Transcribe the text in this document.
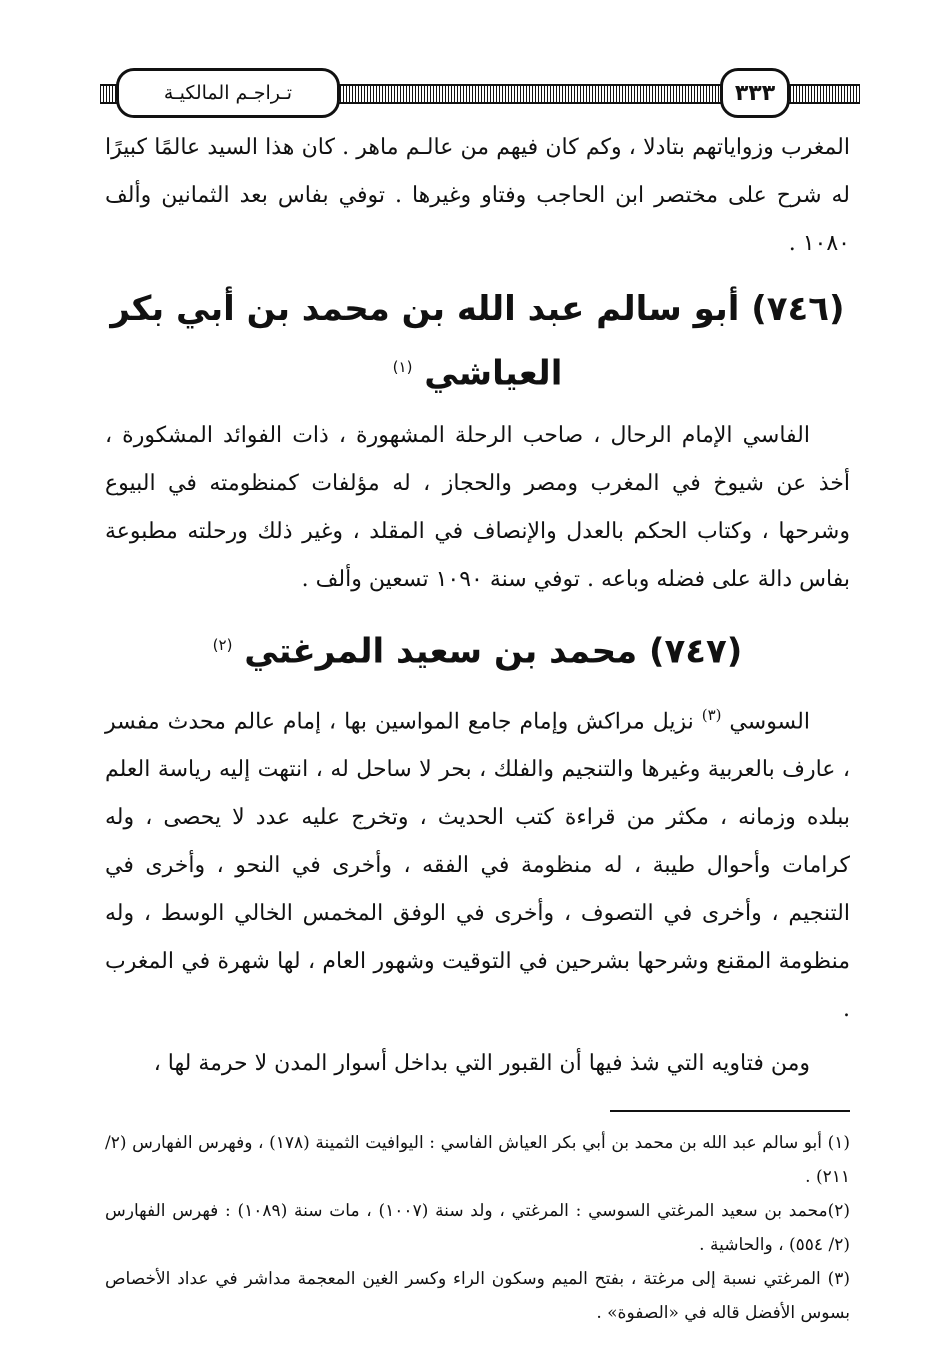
تـراجـم المالكيـة	٣٣٣

المغرب وزواياتهم بتادلا ، وكم كان فيهم من عالـم ماهر . كان هذا السيد عالمًا كبيرًا له شرح على مختصر ابن الحاجب وفتاو وغيرها . توفي بفاس بعد الثمانين وألف ١٠٨٠ .

(٧٤٦) أبو سالم عبد الله بن محمد بن أبي بكر العياشي $^{(١)}$

الفاسي الإمام الرحال ، صاحب الرحلة المشهورة ، ذات الفوائد المشكورة ، أخذ عن شيوخ في المغرب ومصر والحجاز ، له مؤلفات كمنظومته في البيوع وشرحها ، وكتاب الحكم بالعدل والإنصاف في المقلد ، وغير ذلك ورحلته مطبوعة بفاس دالة على فضله وباعه . توفي سنة ١٠٩٠ تسعين وألف .

(٧٤٧) محمد بن سعيد المرغتي $^{(٢)}$

السوسي $^{(٣)}$ نزيل مراكش وإمام جامع المواسين بها ، إمام عالم محدث مفسر ، عارف بالعربية وغيرها والتنجيم والفلك ، بحر لا ساحل له ، انتهت إليه رياسة العلم ببلده وزمانه ، مكثر من قراءة كتب الحديث ، وتخرج عليه عدد لا يحصى ، وله كرامات وأحوال طيبة ، له منظومة في الفقه ، وأخرى في النحو ، وأخرى في التنجيم ، وأخرى في التصوف ، وأخرى في الوفق المخمس الخالي الوسط ، وله منظومة المقنع وشرحها بشرحين في التوقيت وشهور العام ، لها شهرة في المغرب .

ومن فتاويه التي شذ فيها أن القبور التي بداخل أسوار المدن لا حرمة لها ،

(١) أبو سالم عبد الله بن محمد بن أبي بكر العياش الفاسي : اليوافيت الثمينة (١٧٨) ، وفهرس الفهارس (٢/ ٢١١) .

(٢)محمد بن سعيد المرغتي السوسي : المرغتي ، ولد سنة (١٠٠٧) ، مات سنة (١٠٨٩) : فهرس الفهارس (٢/ ٥٥٤) ، والحاشية .

(٣) المرغتي نسبة إلى مرغتة ، بفتح الميم وسكون الراء وكسر الغين المعجمة مداشر في عداد الأخصاص بسوس الأفضل قاله في «الصفوة» .
